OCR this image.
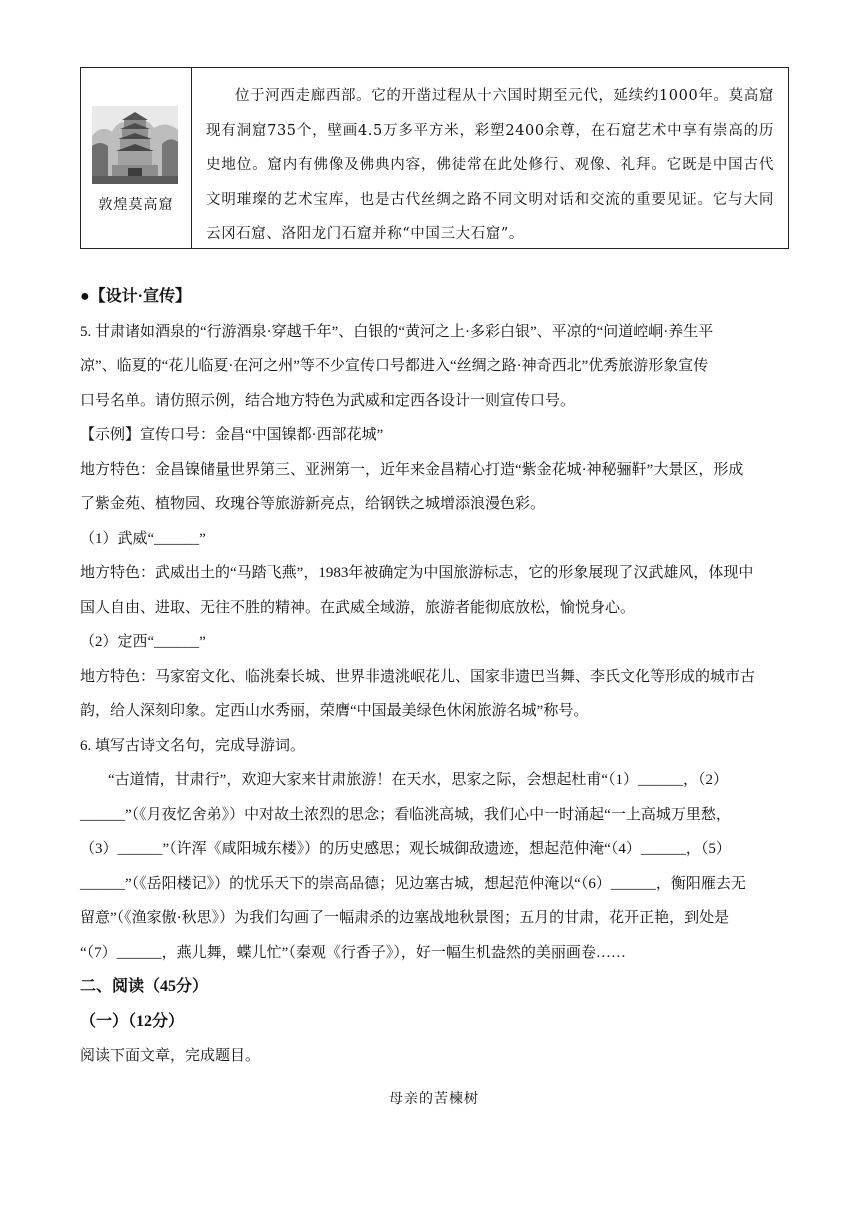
敦煌莫高窟

位于河西走廊西部。它的开凿过程从十六国时期至元代，延续约1000年。莫高窟现有洞窟735个，壁画4.5万多平方米，彩塑2400余尊，在石窟艺术中享有崇高的历史地位。窟内有佛像及佛典内容，佛徒常在此处修行、观像、礼拜。它既是中国古代文明璀璨的艺术宝库，也是古代丝绸之路不同文明对话和交流的重要见证。它与大同云冈石窟、洛阳龙门石窟并称“中国三大石窟”。

●【设计·宣传】

5. 甘肃诸如酒泉的“行游酒泉·穿越千年”、白银的“黄河之上·多彩白银”、平凉的“问道崆峒·养生平

凉”、临夏的“花儿临夏·在河之州”等不少宣传口号都进入“丝绸之路·神奇西北”优秀旅游形象宣传

口号名单。请仿照示例，结合地方特色为武威和定西各设计一则宣传口号。

【示例】宣传口号：金昌“中国镍都·西部花城”

地方特色：金昌镍储量世界第三、亚洲第一，近年来金昌精心打造“紫金花城·神秘骊靬”大景区，形成

了紫金苑、植物园、玫瑰谷等旅游新亮点，给钢铁之城增添浪漫色彩。

（1）武威“______”

地方特色：武威出土的“马踏飞燕”，1983年被确定为中国旅游标志，它的形象展现了汉武雄风，体现中

国人自由、进取、无往不胜的精神。在武威全域游，旅游者能彻底放松，愉悦身心。

（2）定西“______”

地方特色：马家窑文化、临洮秦长城、世界非遗洮岷花儿、国家非遗巴当舞、李氏文化等形成的城市古

韵，给人深刻印象。定西山水秀丽，荣膺“中国最美绿色休闲旅游名城”称号。

6. 填写古诗文名句，完成导游词。

“古道情，甘肃行”，欢迎大家来甘肃旅游！在天水，思家之际，会想起杜甫“（1）______，（2）

______”（《月夜忆舍弟》）中对故土浓烈的思念；看临洮高城，我们心中一时涌起“一上高城万里愁，

（3）______”（许浑《咸阳城东楼》）的历史感思；观长城御敌遗迹，想起范仲淹“（4）______，（5）

______”（《岳阳楼记》）的忧乐天下的崇高品德；见边塞古城，想起范仲淹以“（6）______，衡阳雁去无

留意”（《渔家傲·秋思》）为我们勾画了一幅肃杀的边塞战地秋景图；五月的甘肃，花开正艳，到处是

“（7）______，燕儿舞，蝶儿忙”（秦观《行香子》），好一幅生机盎然的美丽画卷……

二、阅读（45分）

（一）（12分）

阅读下面文章，完成题目。

母亲的苦楝树
